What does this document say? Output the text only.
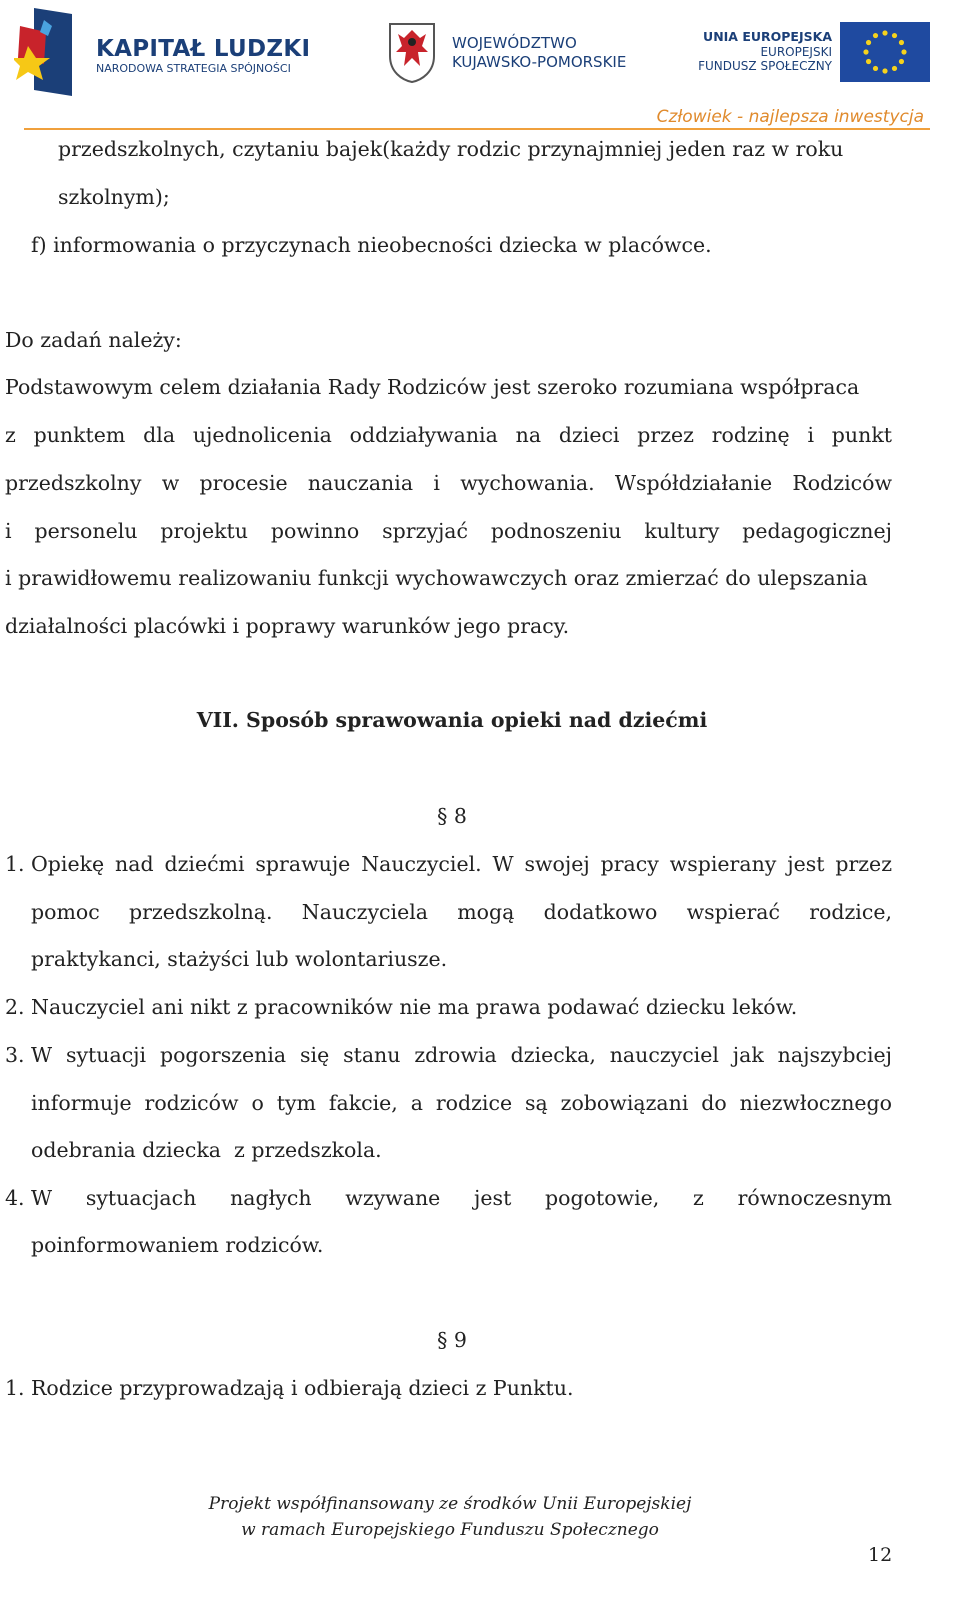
KAPITAŁ LUDZKI
NARODOWA STRATEGIA SPÓJNOŚCI
WOJEWÓDZTWO
KUJAWSKO-POMORSKIE
UNIA EUROPEJSKA
EUROPEJSKI
FUNDUSZ SPOŁECZNY
Człowiek - najlepsza inwestycja
przedszkolnych, czytaniu bajek(każdy rodzic przynajmniej jeden raz w roku
szkolnym);
f) informowania o przyczynach nieobecności dziecka w placówce.
Do zadań należy:
Podstawowym celem działania Rady Rodziców jest szeroko rozumiana współpraca
z punktem dla ujednolicenia oddziaływania na dzieci przez rodzinę i punkt
przedszkolny w procesie nauczania i wychowania. Współdziałanie Rodziców
i personelu projektu powinno sprzyjać podnoszeniu kultury pedagogicznej
i prawidłowemu realizowaniu funkcji wychowawczych oraz zmierzać do ulepszania
działalności placówki i poprawy warunków jego pracy.
VII. Sposób sprawowania opieki nad dziećmi
§ 8
1. Opiekę nad dziećmi sprawuje Nauczyciel. W swojej pracy wspierany jest przez
pomoc przedszkolną. Nauczyciela mogą dodatkowo wspierać rodzice,
praktykanci, stażyści lub wolontariusze.
2. Nauczyciel ani nikt z pracowników nie ma prawa podawać dziecku leków.
3. W sytuacji pogorszenia się stanu zdrowia dziecka, nauczyciel jak najszybciej
informuje rodziców o tym fakcie, a rodzice są zobowiązani do niezwłocznego
odebrania dziecka  z przedszkola.
4. W sytuacjach nagłych wzywane jest pogotowie, z równoczesnym
poinformowaniem rodziców.
§ 9
1. Rodzice przyprowadzają i odbierają dzieci z Punktu.
Projekt współfinansowany ze środków Unii Europejskiej
w ramach Europejskiego Funduszu Społecznego
12
